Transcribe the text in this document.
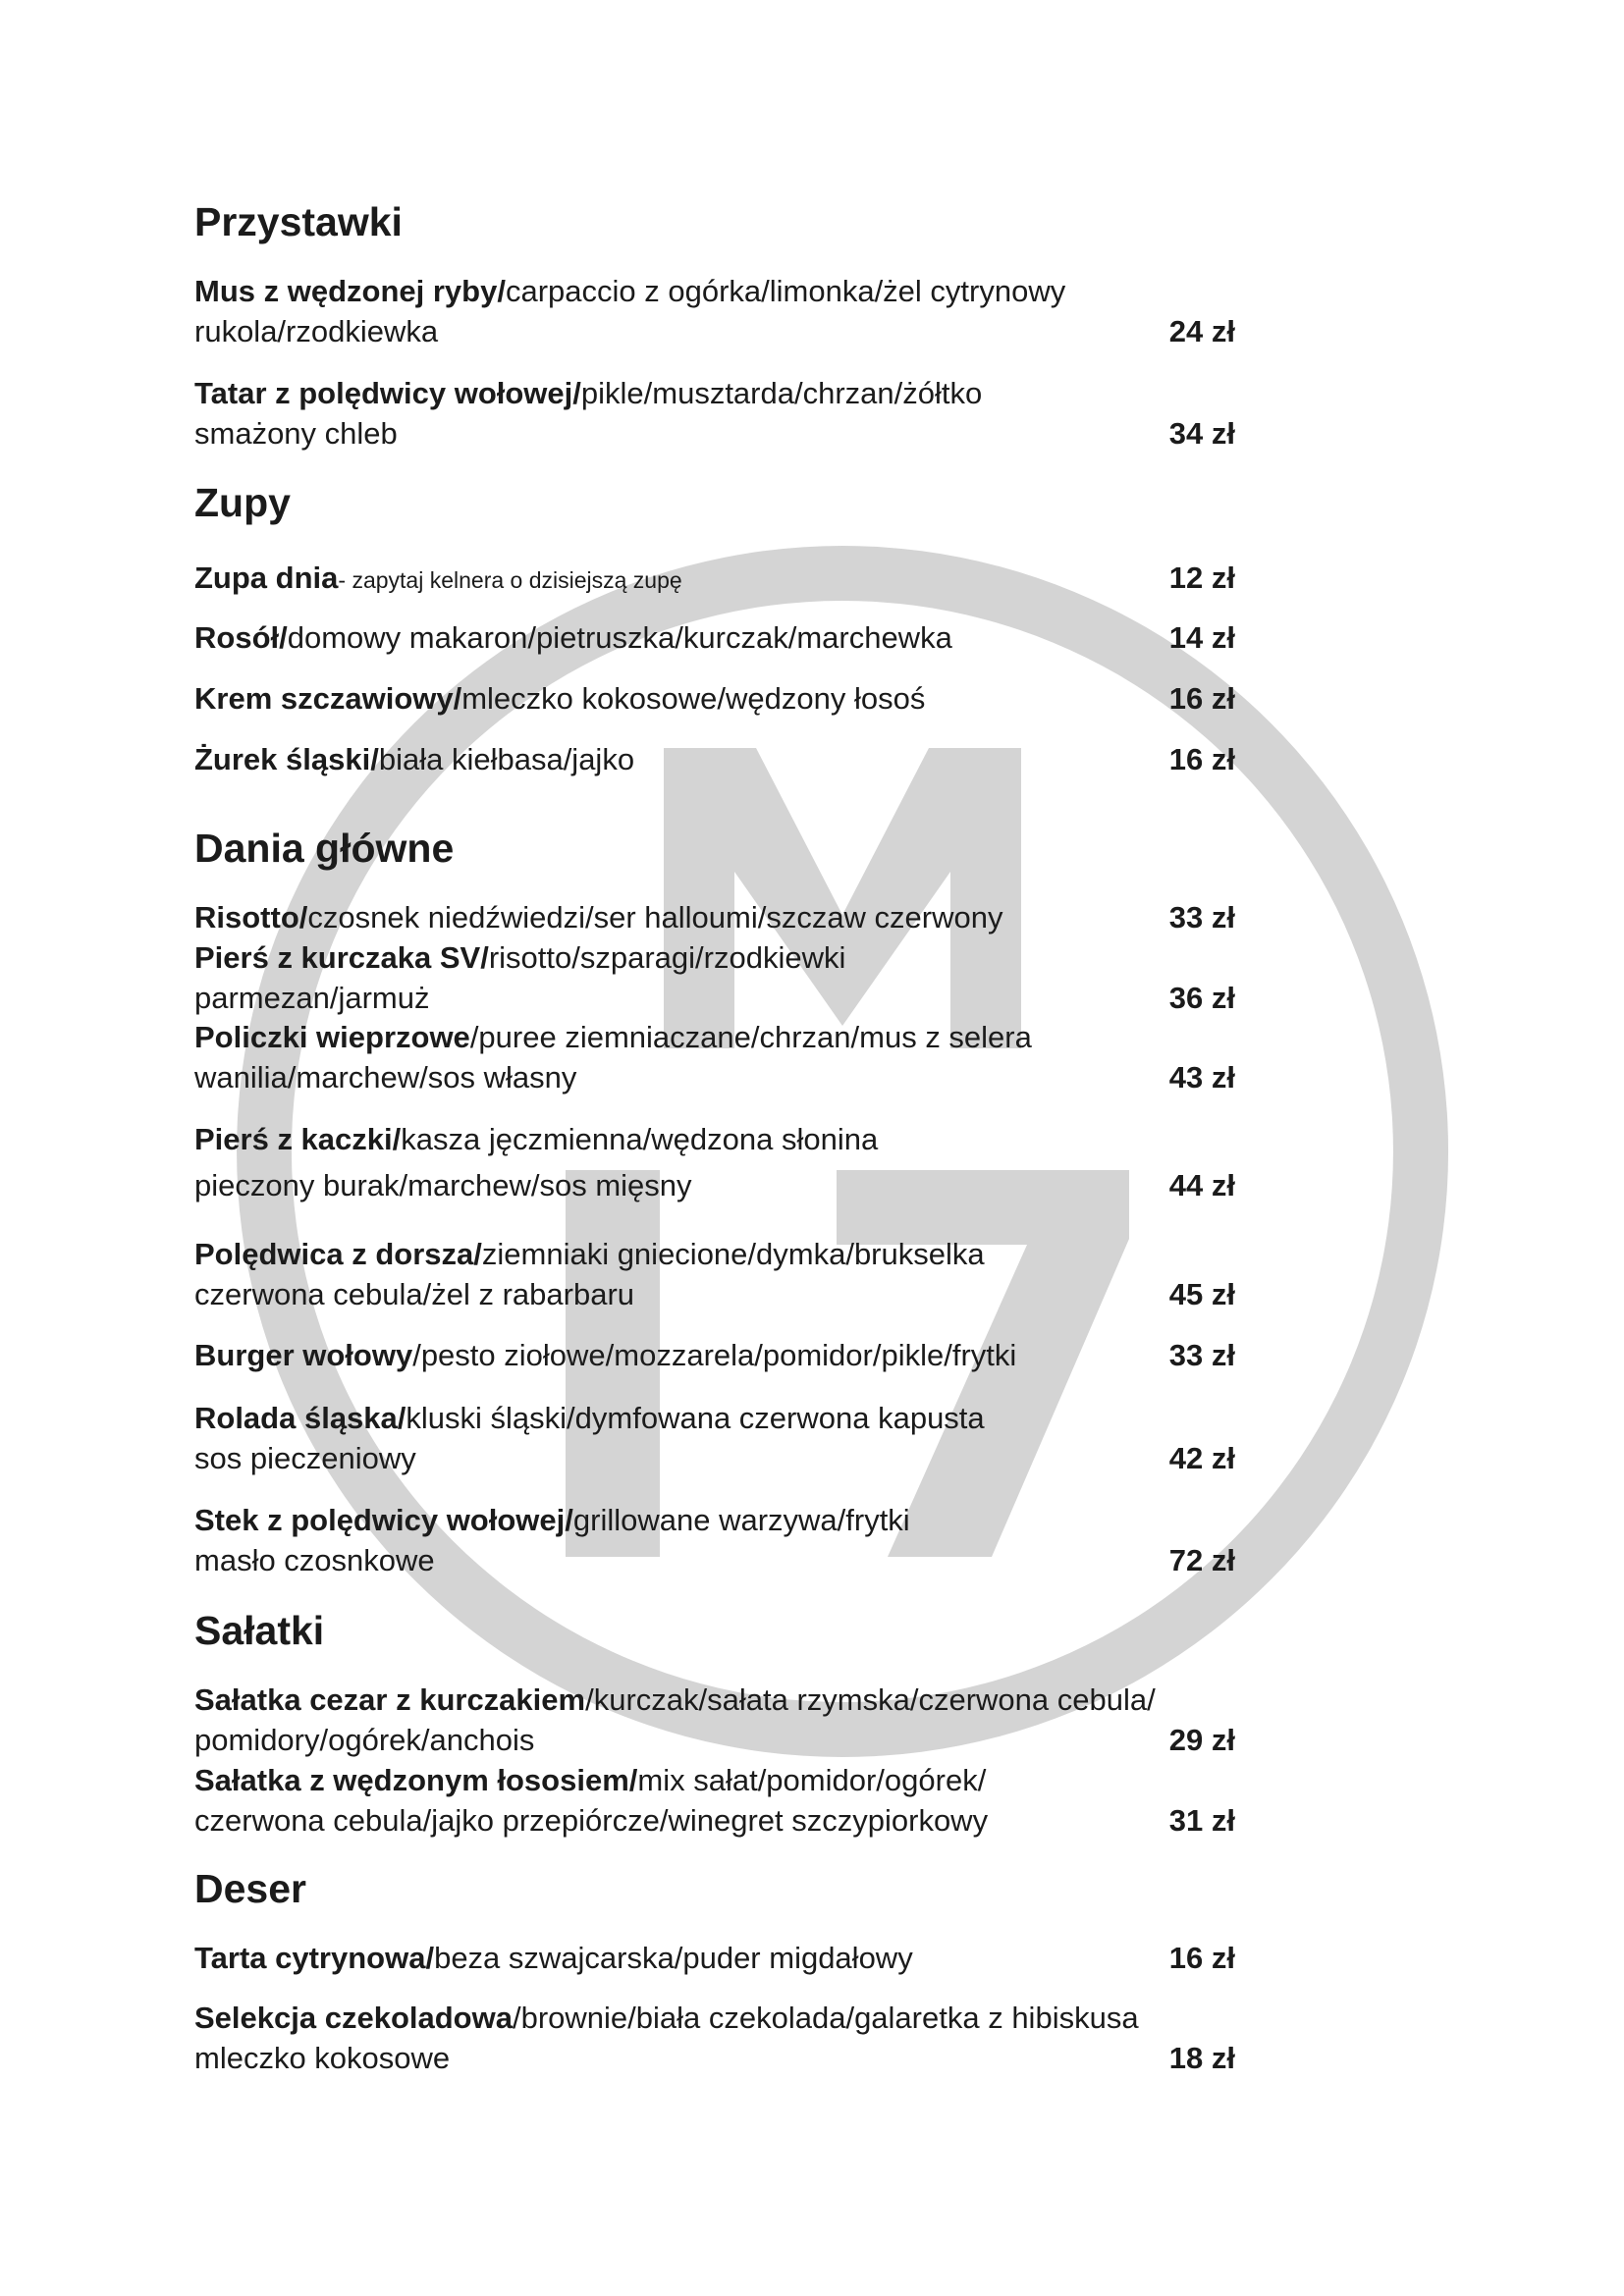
Przystawki
Mus z wędzonej ryby/carpaccio z ogórka/limonka/żel cytrynowy
rukola/rzodkiewka	24 zł
Tatar z polędwicy wołowej/pikle/musztarda/chrzan/żółtko
smażony chleb	34 zł
Zupy
Zupa dnia- zapytaj kelnera o dzisiejszą zupę	12 zł
Rosół/domowy makaron/pietruszka/kurczak/marchewka	14 zł
Krem szczawiowy/mleczko kokosowe/wędzony łosoś	16 zł
Żurek śląski/biała kiełbasa/jajko	16 zł
Dania główne
Risotto/czosnek niedźwiedzi/ser halloumi/szczaw czerwony	33 zł
Pierś z kurczaka SV/risotto/szparagi/rzodkiewki
parmezan/jarmuż	36 zł
Policzki wieprzowe/puree ziemniaczane/chrzan/mus z selera
wanilia/marchew/sos własny	43 zł
Pierś z kaczki/kasza jęczmienna/wędzona słonina
pieczony burak/marchew/sos mięsny	44 zł
Polędwica z dorsza/ziemniaki gniecione/dymka/brukselka
czerwona cebula/żel z rabarbaru	45 zł
Burger wołowy/pesto ziołowe/mozzarela/pomidor/pikle/frytki	33 zł
Rolada śląska/kluski śląski/dymfowana czerwona kapusta
sos pieczeniowy	42 zł
Stek z polędwicy wołowej/grillowane warzywa/frytki
masło czosnkowe	72 zł
Sałatki
Sałatka cezar z kurczakiem/kurczak/sałata rzymska/czerwona cebula/
pomidory/ogórek/anchois	29 zł
Sałatka z wędzonym łososiem/mix sałat/pomidor/ogórek/
czerwona cebula/jajko przepiórcze/winegret szczypiorkowy	31 zł
Deser
Tarta cytrynowa/beza szwajcarska/puder migdałowy	16 zł
Selekcja czekoladowa/brownie/biała czekolada/galaretka z hibiskusa
mleczko kokosowe	18 zł
